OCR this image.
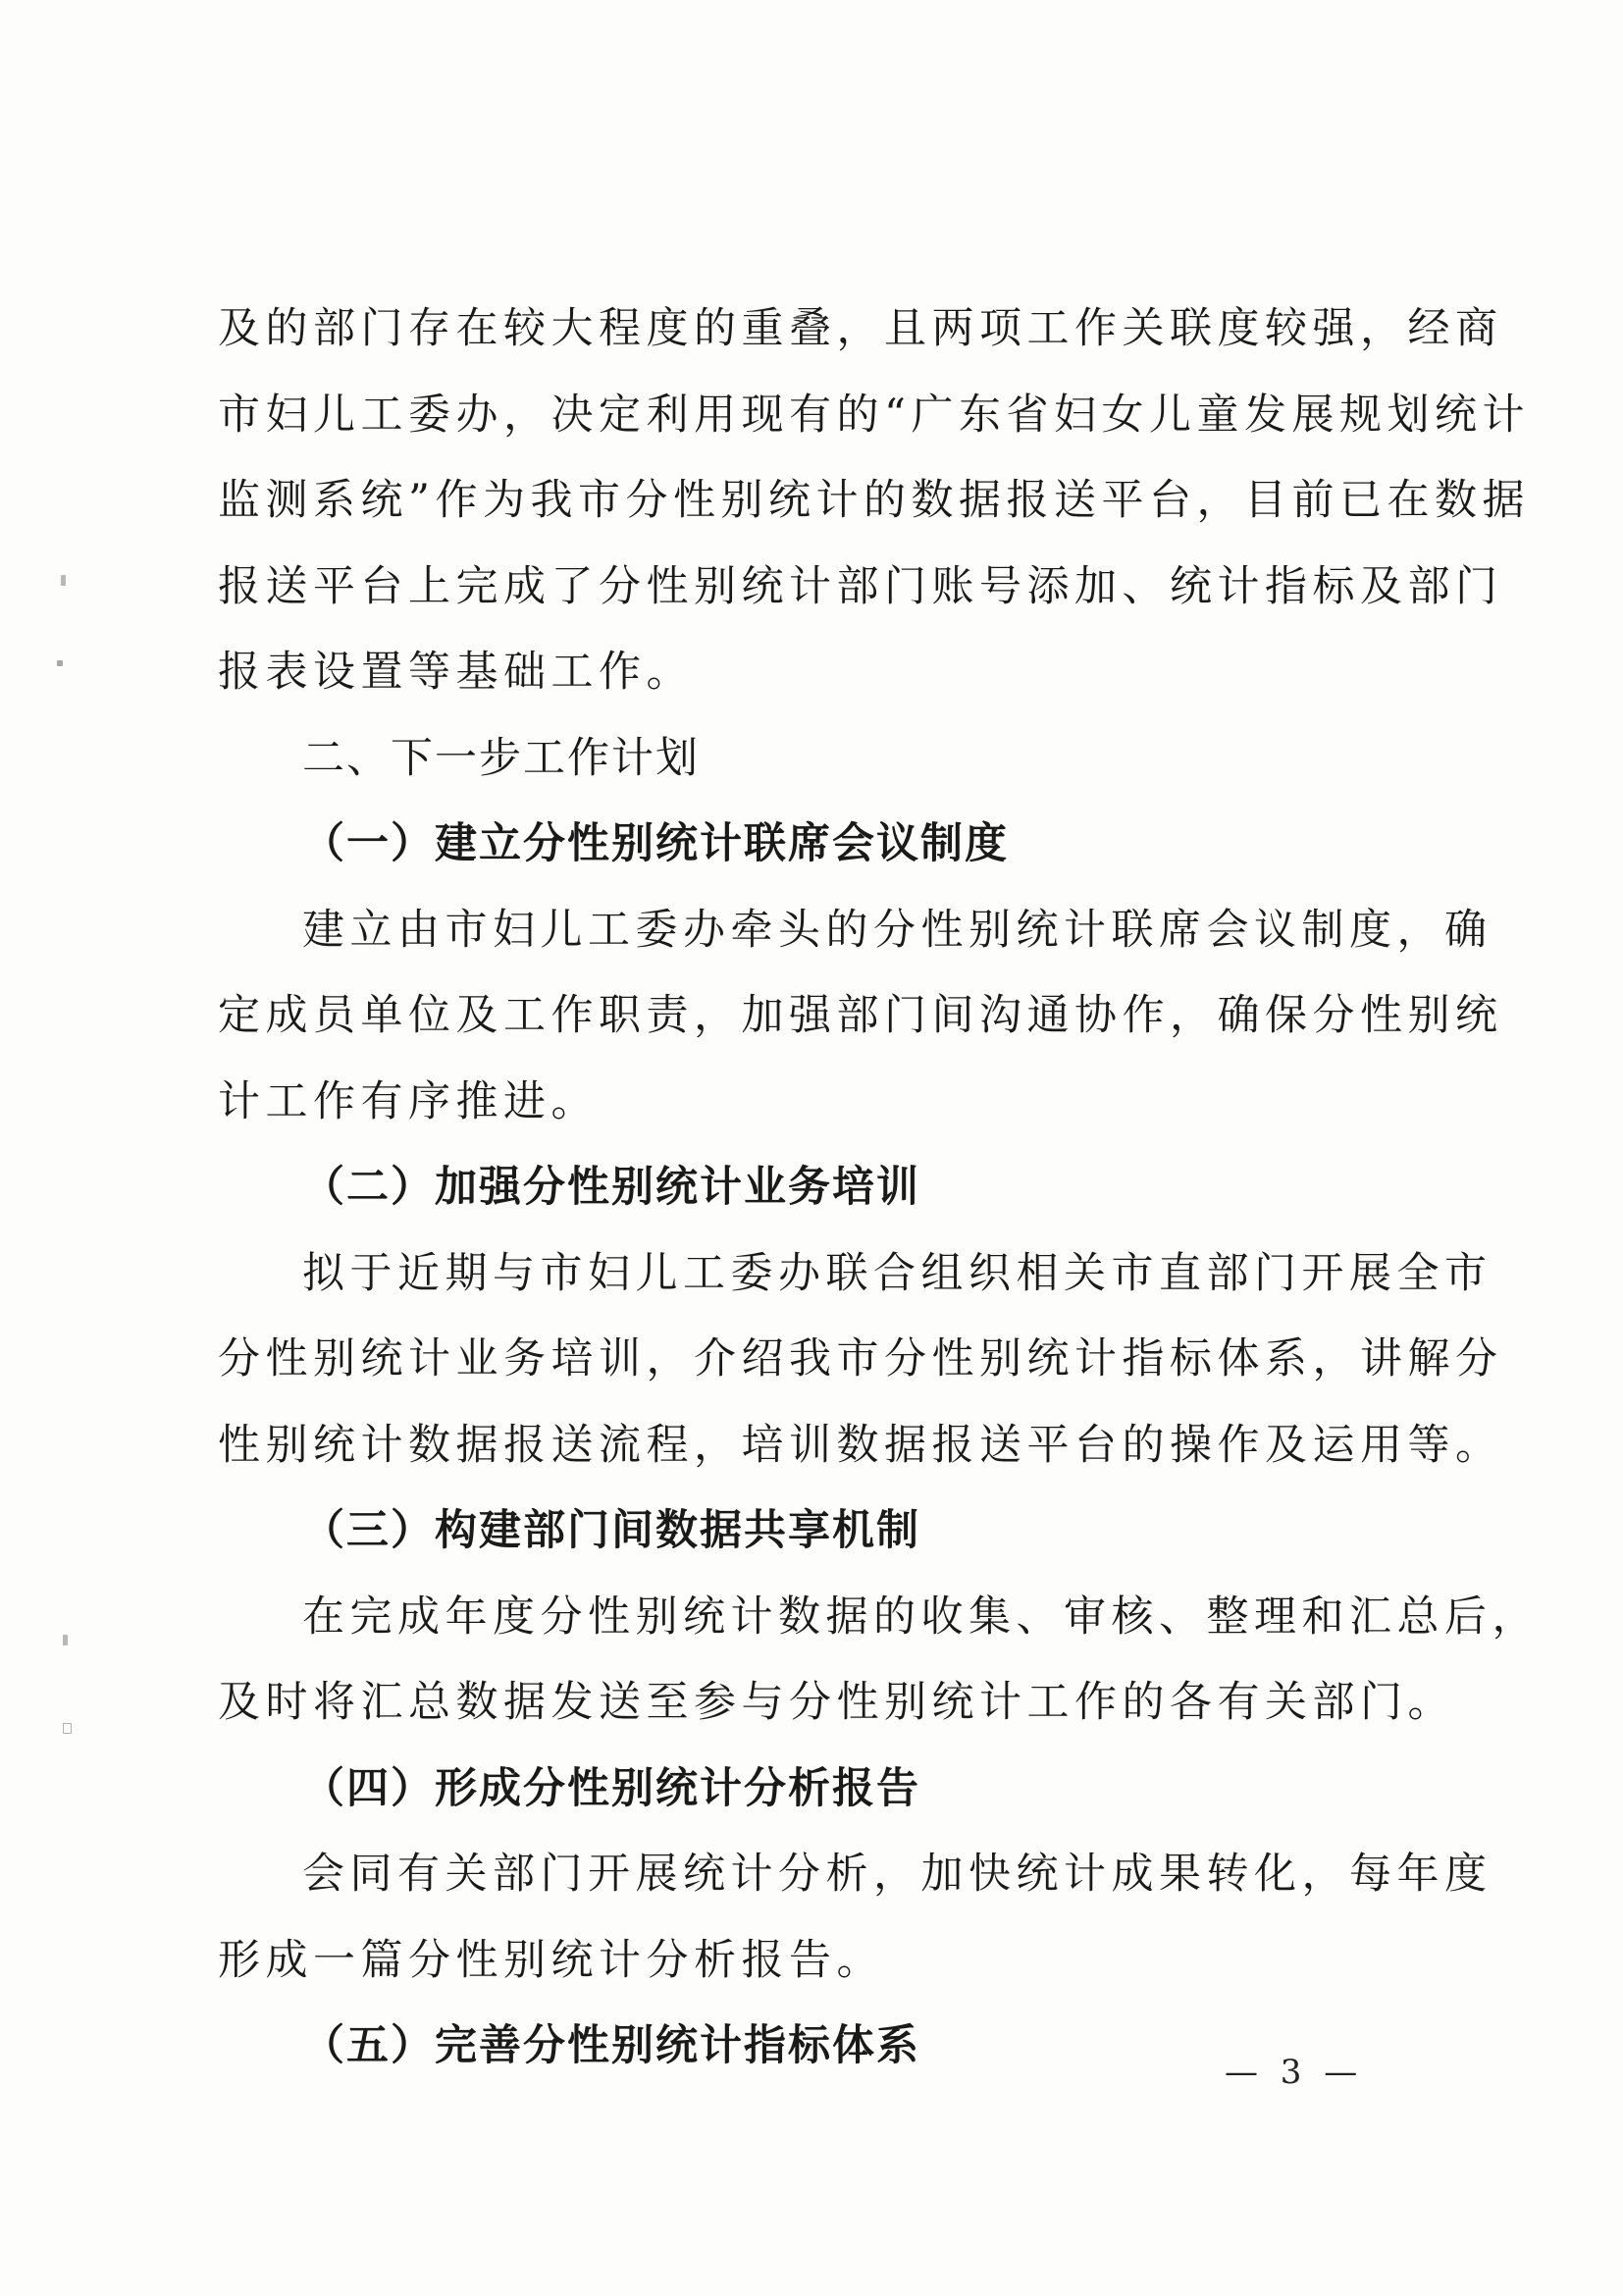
及的部门存在较大程度的重叠，且两项工作关联度较强，经商
市妇儿工委办，决定利用现有的“广东省妇女儿童发展规划统计
监测系统”作为我市分性别统计的数据报送平台，目前已在数据
报送平台上完成了分性别统计部门账号添加、统计指标及部门
报表设置等基础工作。
二、下一步工作计划
（一）建立分性别统计联席会议制度
建立由市妇儿工委办牵头的分性别统计联席会议制度，确
定成员单位及工作职责，加强部门间沟通协作，确保分性别统
计工作有序推进。
（二）加强分性别统计业务培训
拟于近期与市妇儿工委办联合组织相关市直部门开展全市
分性别统计业务培训，介绍我市分性别统计指标体系，讲解分
性别统计数据报送流程，培训数据报送平台的操作及运用等。
（三）构建部门间数据共享机制
在完成年度分性别统计数据的收集、审核、整理和汇总后，
及时将汇总数据发送至参与分性别统计工作的各有关部门。
（四）形成分性别统计分析报告
会同有关部门开展统计分析，加快统计成果转化，每年度
形成一篇分性别统计分析报告。
（五）完善分性别统计指标体系
— 3 —
